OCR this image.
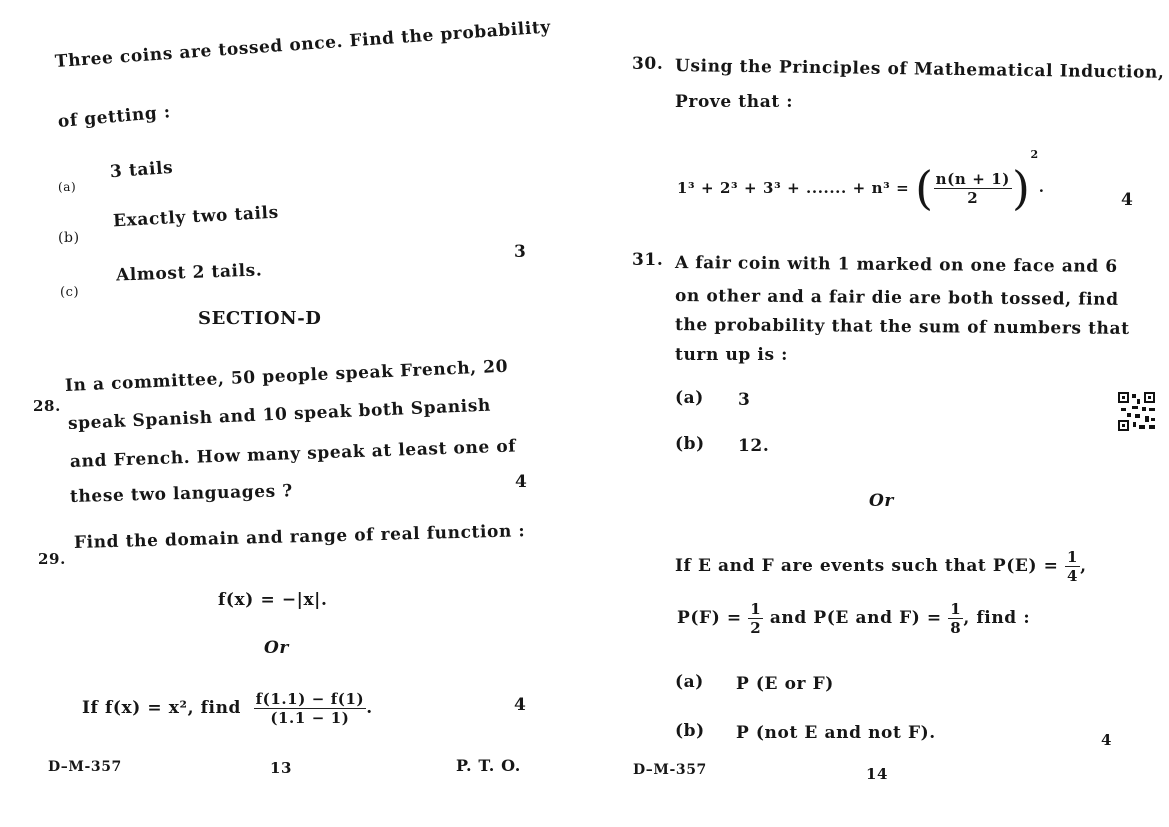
Three coins are tossed once. Find the probability
of getting :
(a)
3 tails
(b)
Exactly two tails
(c)
Almost 2 tails.
3
SECTION-D
28.
In a committee, 50 people speak French, 20
speak Spanish and 10 speak both Spanish
and French. How many speak at least one of
these two languages ?	4
29.
Find the domain and range of real function :
f(x) = −|x|.
Or
If f(x) = x², find $\frac{f(1.1) - f(1)}{(1.1 - 1)}$ .	4
D–M-357	13	P. T. O.
30. Using the Principles of Mathematical Induction,
Prove that :
1³ + 2³ + 3³ + ....... + n³ = ( $\frac{n(n + 1)}{2} )^2$.
4
31. A fair coin with 1 marked on one face and 6
on other and a fair die are both tossed, find
the probability that the sum of numbers that
turn up is :
(a) 3
(b) 12.
Or
If E and F are events such that $P(E) = \frac{1}{4}$ ,
$P(F) = \frac{1}{2}$ and P(E and $F) = \frac{1}{8}$ , find :
(a) P (E or F)
(b) P (not E and not F).	4
D–M-357	14
